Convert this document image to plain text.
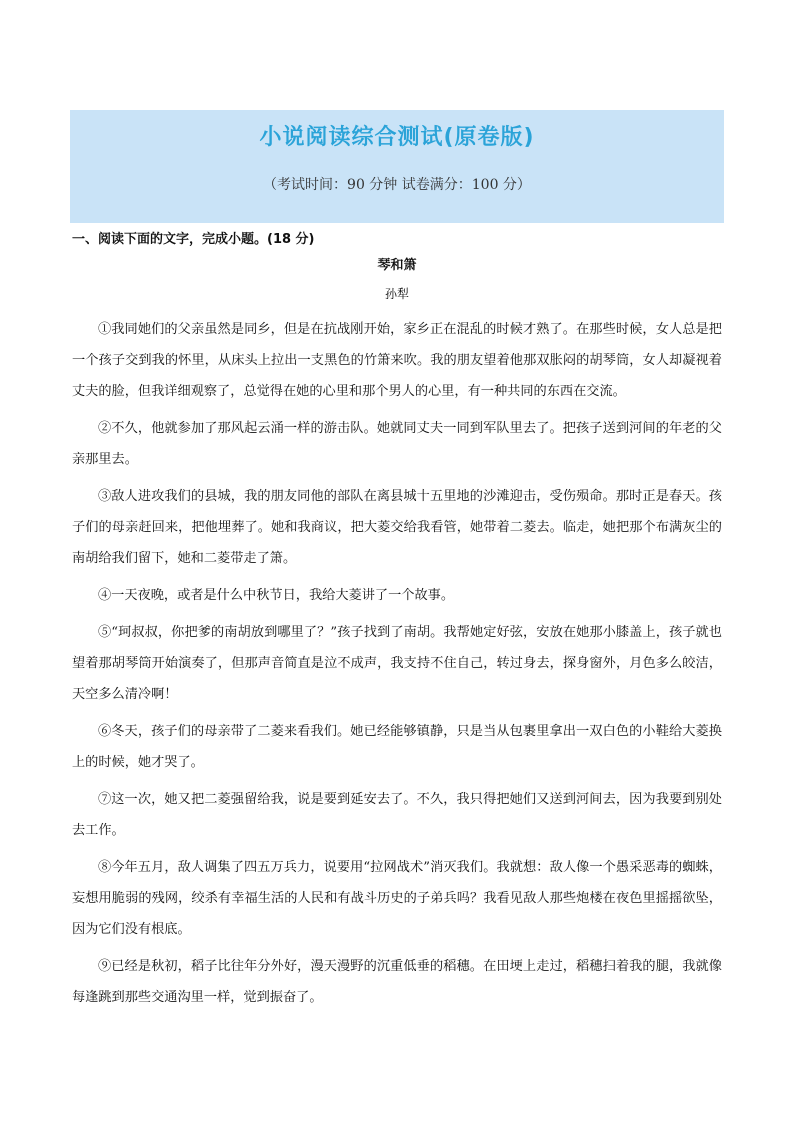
小说阅读综合测试(原卷版)
（考试时间：90 分钟 试卷满分：100 分）
一、阅读下面的文字，完成小题。(18 分)
琴和箫
孙犁

①我同她们的父亲虽然是同乡，但是在抗战刚开始，家乡正在混乱的时候才熟了。在那些时候，女人总是把一个孩子交到我的怀里，从床头上拉出一支黑色的竹箫来吹。我的朋友望着他那双胀闷的胡琴筒，女人却凝视着丈夫的脸，但我详细观察了，总觉得在她的心里和那个男人的心里，有一种共同的东西在交流。

②不久，他就参加了那风起云涌一样的游击队。她就同丈夫一同到军队里去了。把孩子送到河间的年老的父亲那里去。

③敌人进攻我们的县城，我的朋友同他的部队在离县城十五里地的沙滩迎击，受伤殒命。那时正是春天。孩子们的母亲赶回来，把他埋葬了。她和我商议，把大菱交给我看管，她带着二菱去。临走，她把那个布满灰尘的南胡给我们留下，她和二菱带走了箫。

④一天夜晚，或者是什么中秋节日，我给大菱讲了一个故事。

⑤“珂叔叔，你把爹的南胡放到哪里了？”孩子找到了南胡。我帮她定好弦，安放在她那小膝盖上，孩子就也望着那胡琴筒开始演奏了，但那声音简直是泣不成声，我支持不住自己，转过身去，探身窗外，月色多么皎洁，天空多么清冷啊！

⑥冬天，孩子们的母亲带了二菱来看我们。她已经能够镇静，只是当从包裹里拿出一双白色的小鞋给大菱换上的时候，她才哭了。

⑦这一次，她又把二菱强留给我，说是要到延安去了。不久，我只得把她们又送到河间去，因为我要到别处去工作。

⑧今年五月，敌人调集了四五万兵力，说要用“拉网战术”消灭我们。我就想：敌人像一个愚采恶毒的蜘蛛，妄想用脆弱的残网，绞杀有幸福生活的人民和有战斗历史的子弟兵吗？我看见敌人那些炮楼在夜色里摇摇欲坠，因为它们没有根底。

⑨已经是秋初，稻子比往年分外好，漫天漫野的沉重低垂的稻穗。在田埂上走过，稻穗扫着我的腿，我就像每逢跳到那些交通沟里一样，觉到振奋了。
